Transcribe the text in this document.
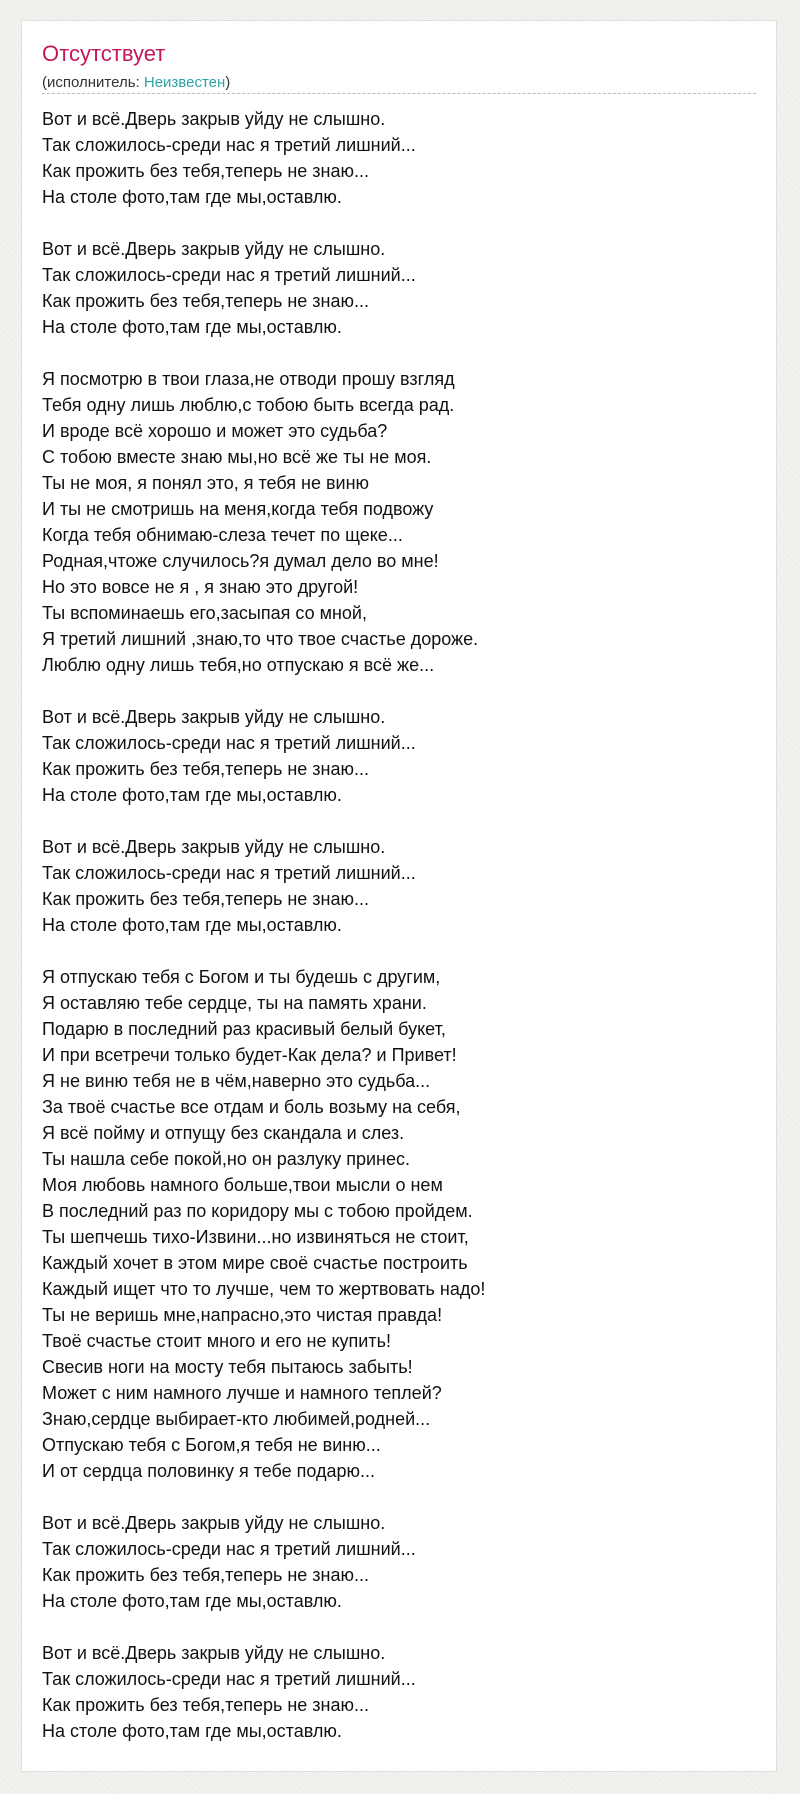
Отсутствует
(исполнитель: Неизвестен)
Вот и всё.Дверь закрыв уйду не слышно.
Так сложилось-среди нас я третий лишний...
Как прожить без тебя,теперь не знаю...
На столе фото,там где мы,оставлю.
Вот и всё.Дверь закрыв уйду не слышно.
Так сложилось-среди нас я третий лишний...
Как прожить без тебя,теперь не знаю...
На столе фото,там где мы,оставлю.
Я посмотрю в твои глаза,не отводи прошу взгляд
Тебя одну лишь люблю,с тобою быть всегда рад.
И вроде всё хорошо и может это судьба?
С тобою вместе знаю мы,но всё же ты не моя.
Ты не моя, я понял это, я тебя не виню
И ты не смотришь на меня,когда тебя подвожу
Когда тебя обнимаю-слеза течет по щеке...
Родная,чтоже случилось?я думал дело во мне!
Но это вовсе не я , я знаю это другой!
Ты вспоминаешь его,засыпая со мной,
Я третий лишний ,знаю,то что твое счастье дороже.
Люблю одну лишь тебя,но отпускаю я всё же...
Вот и всё.Дверь закрыв уйду не слышно.
Так сложилось-среди нас я третий лишний...
Как прожить без тебя,теперь не знаю...
На столе фото,там где мы,оставлю.
Вот и всё.Дверь закрыв уйду не слышно.
Так сложилось-среди нас я третий лишний...
Как прожить без тебя,теперь не знаю...
На столе фото,там где мы,оставлю.
Я отпускаю тебя с Богом и ты будешь с другим,
Я оставляю тебе сердце, ты на память храни.
Подарю в последний раз красивый белый букет,
И при всетречи только будет-Как дела? и Привет!
Я не виню тебя не в чём,наверно это судьба...
За твоё счастье все отдам и боль возьму на себя,
Я всё пойму и отпущу без скандала и слез.
Ты нашла себе покой,но он разлуку принес.
Моя любовь намного больше,твои мысли о нем
В последний раз по коридору мы с тобою пройдем.
Ты шепчешь тихо-Извини...но извиняться не стоит,
Каждый хочет в этом мире своё счастье построить
Каждый ищет что то лучше, чем то жертвовать надо!
Ты не веришь мне,напрасно,это чистая правда!
Твоё счастье стоит много и его не купить!
Свесив ноги на мосту тебя пытаюсь забыть!
Может с ним намного лучше и намного теплей?
Знаю,сердце выбирает-кто любимей,родней...
Отпускаю тебя с Богом,я тебя не виню...
И от сердца половинку я тебе подарю...
Вот и всё.Дверь закрыв уйду не слышно.
Так сложилось-среди нас я третий лишний...
Как прожить без тебя,теперь не знаю...
На столе фото,там где мы,оставлю.
Вот и всё.Дверь закрыв уйду не слышно.
Так сложилось-среди нас я третий лишний...
Как прожить без тебя,теперь не знаю...
На столе фото,там где мы,оставлю.
